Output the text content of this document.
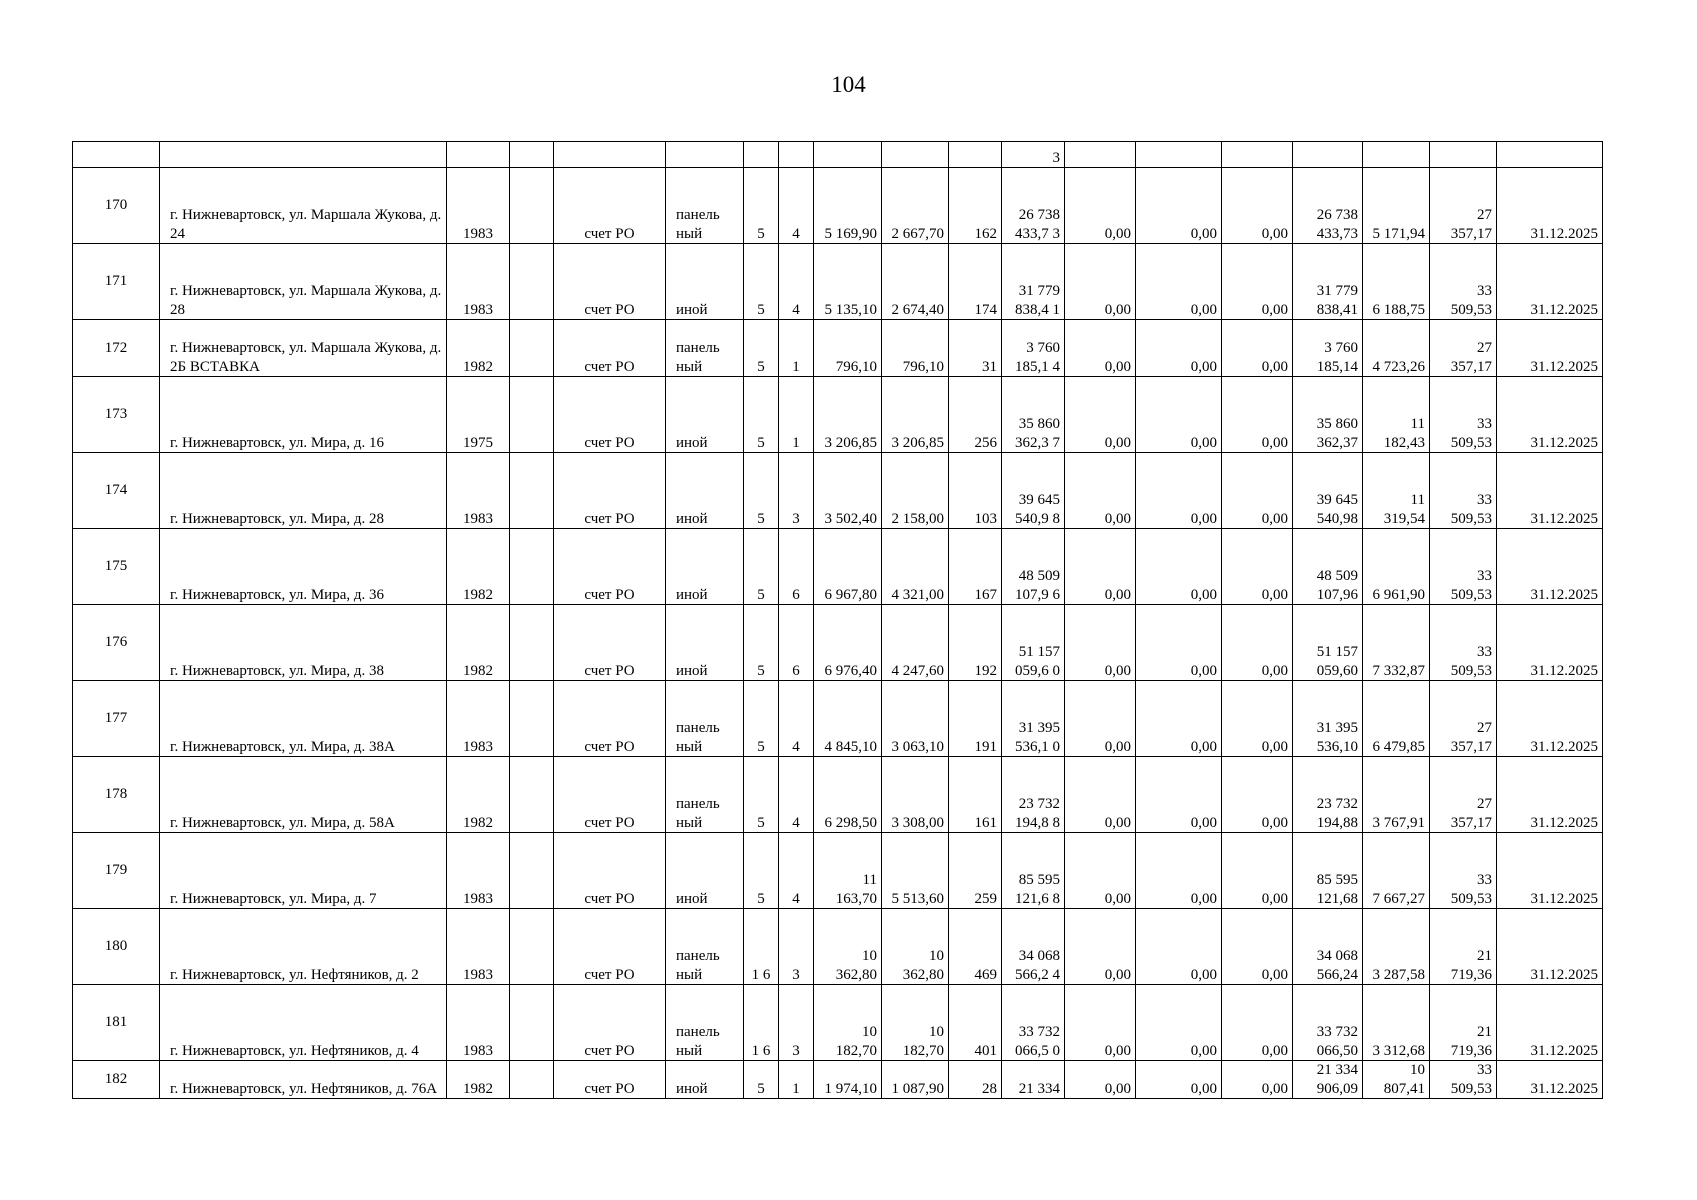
104
											3							
170	г. Нижневартовск, ул. Маршала Жукова, д. 24	1983		счет РО	панель ный	5	4	5 169,90	2 667,70	162	26 738 433,7 3	0,00	0,00	0,00	26 738 433,73	5 171,94	27 357,17	31.12.2025
171	г. Нижневартовск, ул. Маршала Жукова, д. 28	1983		счет РО	иной	5	4	5 135,10	2 674,40	174	31 779 838,4 1	0,00	0,00	0,00	31 779 838,41	6 188,75	33 509,53	31.12.2025
172	г. Нижневартовск, ул. Маршала Жукова, д. 2Б ВСТАВКА	1982		счет РО	панель ный	5	1	796,10	796,10	31	3 760 185,1 4	0,00	0,00	0,00	3 760 185,14	4 723,26	27 357,17	31.12.2025
173	г. Нижневартовск, ул. Мира, д. 16	1975		счет РО	иной	5	1	3 206,85	3 206,85	256	35 860 362,3 7	0,00	0,00	0,00	35 860 362,37	11 182,43	33 509,53	31.12.2025
174	г. Нижневартовск, ул. Мира, д. 28	1983		счет РО	иной	5	3	3 502,40	2 158,00	103	39 645 540,9 8	0,00	0,00	0,00	39 645 540,98	11 319,54	33 509,53	31.12.2025
175	г. Нижневартовск, ул. Мира, д. 36	1982		счет РО	иной	5	6	6 967,80	4 321,00	167	48 509 107,9 6	0,00	0,00	0,00	48 509 107,96	6 961,90	33 509,53	31.12.2025
176	г. Нижневартовск, ул. Мира, д. 38	1982		счет РО	иной	5	6	6 976,40	4 247,60	192	51 157 059,6 0	0,00	0,00	0,00	51 157 059,60	7 332,87	33 509,53	31.12.2025
177	г. Нижневартовск, ул. Мира, д. 38А	1983		счет РО	панель ный	5	4	4 845,10	3 063,10	191	31 395 536,1 0	0,00	0,00	0,00	31 395 536,10	6 479,85	27 357,17	31.12.2025
178	г. Нижневартовск, ул. Мира, д. 58А	1982		счет РО	панель ный	5	4	6 298,50	3 308,00	161	23 732 194,8 8	0,00	0,00	0,00	23 732 194,88	3 767,91	27 357,17	31.12.2025
179	г. Нижневартовск, ул. Мира, д. 7	1983		счет РО	иной	5	4	11 163,70	5 513,60	259	85 595 121,6 8	0,00	0,00	0,00	85 595 121,68	7 667,27	33 509,53	31.12.2025
180	г. Нижневартовск, ул. Нефтяников, д. 2	1983		счет РО	панель ный	1 6	3	10 362,80	10 362,80	469	34 068 566,2 4	0,00	0,00	0,00	34 068 566,24	3 287,58	21 719,36	31.12.2025
181	г. Нижневартовск, ул. Нефтяников, д. 4	1983		счет РО	панель ный	1 6	3	10 182,70	10 182,70	401	33 732 066,5 0	0,00	0,00	0,00	33 732 066,50	3 312,68	21 719,36	31.12.2025
182	г. Нижневартовск, ул. Нефтяников, д. 76А	1982		счет РО	иной	5	1	1 974,10	1 087,90	28	21 334	0,00	0,00	0,00	21 334 906,09	10 807,41	33 509,53	31.12.2025
